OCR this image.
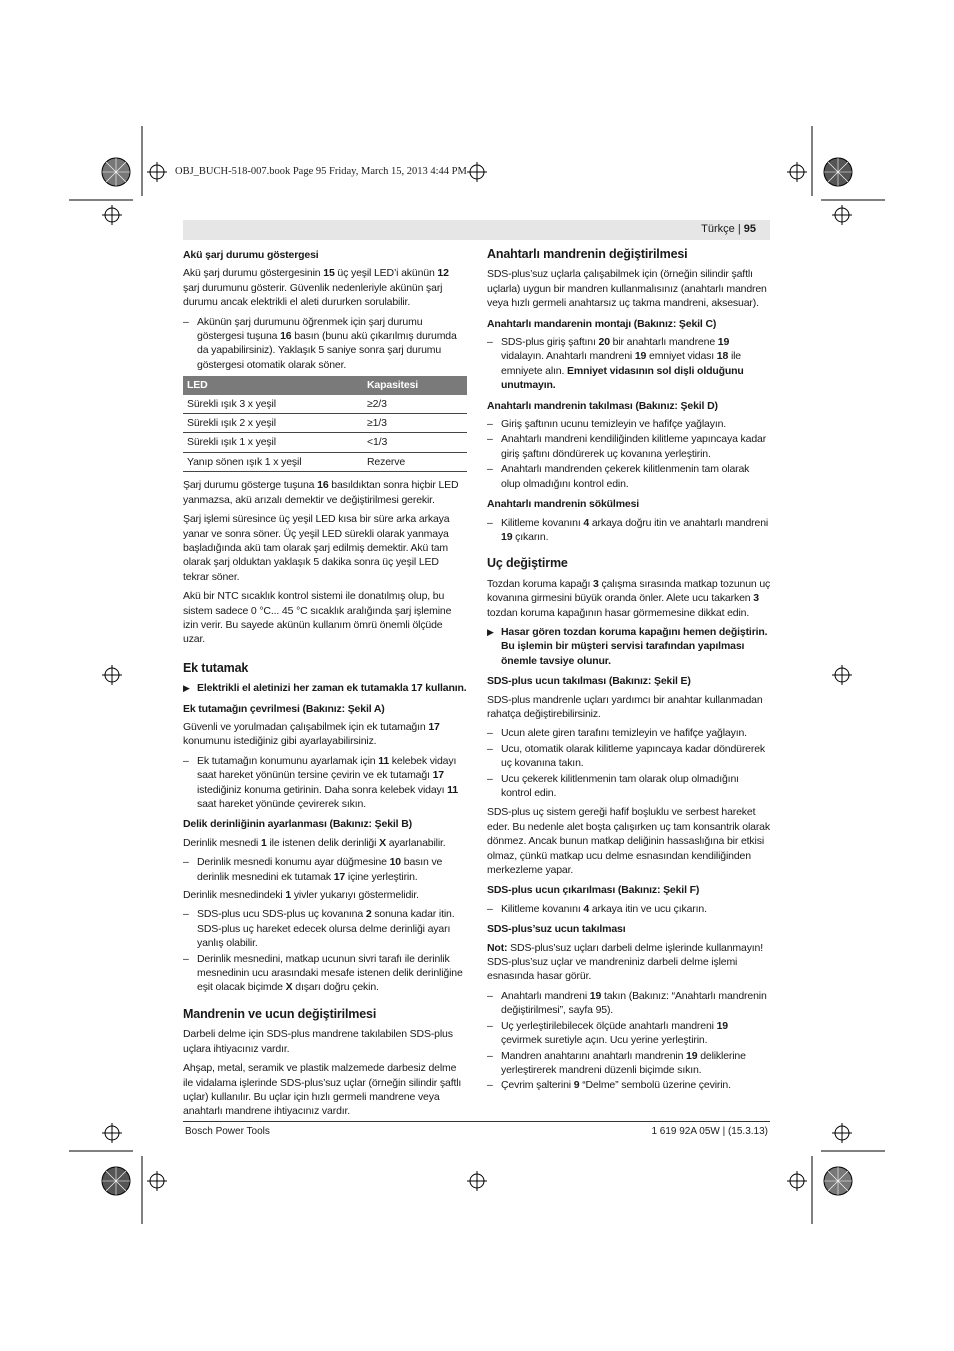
OBJ_BUCH-518-007.book Page 95 Friday, March 15, 2013 4:44 PM
Türkçe | 95
Akü şarj durumu göstergesi

Akü şarj durumu göstergesinin 15 üç yeşil LED’i akünün 12 şarj durumunu gösterir. Güvenlik nedenleriyle akünün şarj durumu ancak elektrikli el aleti dururken sorulabilir.

– Akünün şarj durumunu öğrenmek için şarj durumu göstergesi tuşuna 16 basın (bunu akü çıkarılmış durumda da yapabilirsiniz). Yaklaşık 5 saniye sonra şarj durumu göstergesi otomatik olarak söner.
LED	Kapasitesi
Sürekli ışık 3 x yeşil	≥2/3
Sürekli ışık 2 x yeşil	≥1/3
Sürekli ışık 1 x yeşil	<1/3
Yanıp sönen ışık 1 x yeşil	Rezerve

Şarj durumu gösterge tuşuna 16 basıldıktan sonra hiçbir LED yanmazsa, akü arızalı demektir ve değiştirilmesi gerekir.

Şarj işlemi süresince üç yeşil LED kısa bir süre arka arkaya yanar ve sonra söner. Üç yeşil LED sürekli olarak yanmaya başladığında akü tam olarak şarj edilmiş demektir. Akü tam olarak şarj olduktan yaklaşık 5 dakika sonra üç yeşil LED tekrar söner.

Akü bir NTC sıcaklık kontrol sistemi ile donatılmış olup, bu sistem sadece 0 °C... 45 °C sıcaklık aralığında şarj işlemine izin verir. Bu sayede akünün kullanım ömrü önemli ölçüde uzar.

Ek tutamak
▶ Elektrikli el aletinizi her zaman ek tutamakla 17 kullanın.
Ek tutamağın çevrilmesi (Bakınız: Şekil A)

Güvenli ve yorulmadan çalışabilmek için ek tutamağın 17 konumunu istediğiniz gibi ayarlayabilirsiniz.

– Ek tutamağın konumunu ayarlamak için 11 kelebek vidayı saat hareket yönünün tersine çevirin ve ek tutamağı 17 istediğiniz konuma getirinin. Daha sonra kelebek vidayı 11 saat hareket yönünde çevirerek sıkın.
Delik derinliğinin ayarlanması (Bakınız: Şekil B)

Derinlik mesnedi 1 ile istenen delik derinliği X ayarlanabilir.

– Derinlik mesnedi konumu ayar düğmesine 10 basın ve derinlik mesnedini ek tutamak 17 içine yerleştirin.

Derinlik mesnedindeki 1 yivler yukarıyı göstermelidir.

– SDS-plus ucu SDS-plus uç kovanına 2 sonuna kadar itin. SDS-plus uç hareket edecek olursa delme derinliği ayarı yanlış olabilir.
– Derinlik mesnedini, matkap ucunun sivri tarafı ile derinlik mesnedinin ucu arasındaki mesafe istenen delik derinliğine eşit olacak biçimde X dışarı doğru çekin.
Mandrenin ve ucun değiştirilmesi

Darbeli delme için SDS-plus mandrene takılabilen SDS-plus uçlara ihtiyacınız vardır.

Ahşap, metal, seramik ve plastik malzemede darbesiz delme ile vidalama işlerinde SDS-plus’suz uçlar (örneğin silindir şaftlı uçlar) kullanılır. Bu uçlar için hızlı germeli mandrene veya anahtarlı mandrene ihtiyacınız vardır.

Anahtarlı mandrenin değiştirilmesi

SDS-plus’suz uçlarla çalışabilmek için (örneğin silindir şaftlı uçlarla) uygun bir mandren kullanmalısınız (anahtarlı mandren veya hızlı germeli anahtarsız uç takma mandreni, aksesuar).

Anahtarlı mandarenin montajı (Bakınız: Şekil C)
– SDS-plus giriş şaftını 20 bir anahtarlı mandrene 19 vidalayın. Anahtarlı mandreni 19 emniyet vidası 18 ile emniyete alın. Emniyet vidasının sol dişli olduğunu unutmayın.
Anahtarlı mandrenin takılması (Bakınız: Şekil D)
– Giriş şaftının ucunu temizleyin ve hafifçe yağlayın.
– Anahtarlı mandreni kendiliğinden kilitleme yapıncaya kadar giriş şaftını döndürerek uç kovanına yerleştirin.
– Anahtarlı mandrenden çekerek kilitlenmenin tam olarak olup olmadığını kontrol edin.
Anahtarlı mandrenin sökülmesi
– Kilitleme kovanını 4 arkaya doğru itin ve anahtarlı mandreni 19 çıkarın.
Uç değiştirme

Tozdan koruma kapağı 3 çalışma sırasında matkap tozunun uç kovanına girmesini büyük oranda önler. Alete ucu takarken 3 tozdan koruma kapağının hasar görmemesine dikkat edin.

▶ Hasar gören tozdan koruma kapağını hemen değiştirin. Bu işlemin bir müşteri servisi tarafından yapılması önemle tavsiye olunur.
SDS-plus ucun takılması (Bakınız: Şekil E)

SDS-plus mandrenle uçları yardımcı bir anahtar kullanmadan rahatça değiştirebilirsiniz.

– Ucun alete giren tarafını temizleyin ve hafifçe yağlayın.
– Ucu, otomatik olarak kilitleme yapıncaya kadar döndürerek uç kovanına takın.
– Ucu çekerek kilitlenmenin tam olarak olup olmadığını kontrol edin.

SDS-plus uç sistem gereği hafif boşluklu ve serbest hareket eder. Bu nedenle alet boşta çalışırken uç tam konsantrik olarak dönmez. Ancak bunun matkap deliğinin hassaslığına bir etkisi olmaz, çünkü matkap ucu delme esnasından kendiliğinden merkezleme yapar.

SDS-plus ucun çıkarılması (Bakınız: Şekil F)
– Kilitleme kovanını 4 arkaya itin ve ucu çıkarın.
SDS-plus’suz ucun takılması

Not: SDS-plus’suz uçları darbeli delme işlerinde kullanmayın! SDS-plus’suz uçlar ve mandreniniz darbeli delme işlemi esnasında hasar görür.

– Anahtarlı mandreni 19 takın (Bakınız: “Anahtarlı mandrenin değiştirilmesi”, sayfa 95).
– Uç yerleştirilebilecek ölçüde anahtarlı mandreni 19 çevirmek suretiyle açın. Ucu yerine yerleştirin.
– Mandren anahtarını anahtarlı mandrenin 19 deliklerine yerleştirerek mandreni düzenli biçimde sıkın.
– Çevrim şalterini 9 “Delme” sembolü üzerine çevirin.
Bosch Power Tools	1 619 92A 05W | (15.3.13)
